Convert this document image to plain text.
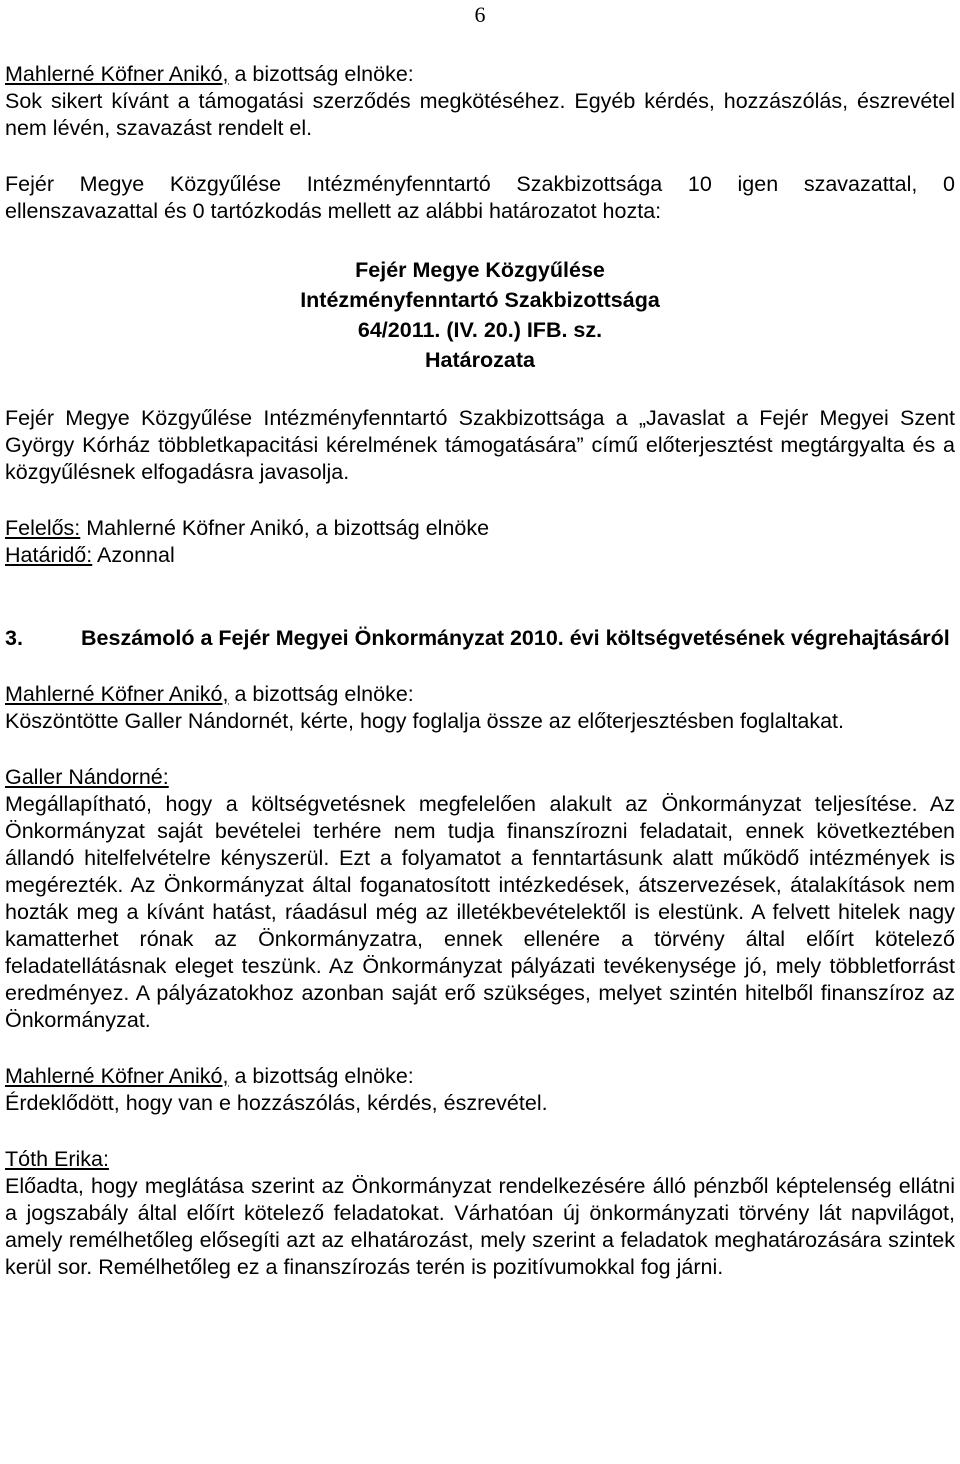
6

Mahlerné Köfner Anikó, a bizottság elnöke:

Sok sikert kívánt a támogatási szerződés megkötéséhez. Egyéb kérdés, hozzászólás, észrevétel nem lévén, szavazást rendelt el.

Fejér Megye Közgyűlése Intézményfenntartó Szakbizottsága 10 igen szavazattal, 0 ellenszavazattal és 0 tartózkodás mellett az alábbi határozatot hozta:

Fejér Megye Közgyűlése

Intézményfenntartó Szakbizottsága

64/2011. (IV. 20.) IFB. sz.

Határozata

Fejér Megye Közgyűlése Intézményfenntartó Szakbizottsága a „Javaslat a Fejér Megyei Szent György Kórház többletkapacitási kérelmének támogatására” című előterjesztést megtárgyalta és a közgyűlésnek elfogadásra javasolja.

Felelős: Mahlerné Köfner Anikó, a bizottság elnöke

Határidő: Azonnal

3.	Beszámoló a Fejér Megyei Önkormányzat 2010. évi költségvetésének végrehajtásáról

Mahlerné Köfner Anikó, a bizottság elnöke:

Köszöntötte Galler Nándornét, kérte, hogy foglalja össze az előterjesztésben foglaltakat.

Galler Nándorné:

Megállapítható, hogy a költségvetésnek megfelelően alakult az Önkormányzat teljesítése. Az Önkormányzat saját bevételei terhére nem tudja finanszírozni feladatait, ennek következtében állandó hitelfelvételre kényszerül. Ezt a folyamatot a fenntartásunk alatt működő intézmények is megérezték. Az Önkormányzat által foganatosított intézkedések, átszervezések, átalakítások nem hozták meg a kívánt hatást, ráadásul még az illetékbevételektől is elestünk. A felvett hitelek nagy kamatterhet rónak az Önkormányzatra, ennek ellenére a törvény által előírt kötelező feladatellátásnak eleget teszünk. Az Önkormányzat pályázati tevékenysége jó, mely többletforrást eredményez. A pályázatokhoz azonban saját erő szükséges, melyet szintén hitelből finanszíroz az Önkormányzat.

Mahlerné Köfner Anikó, a bizottság elnöke:

Érdeklődött, hogy van e hozzászólás, kérdés, észrevétel.

Tóth Erika:

Előadta, hogy meglátása szerint az Önkormányzat rendelkezésére álló pénzből képtelenség ellátni a jogszabály által előírt kötelező feladatokat. Várhatóan új önkormányzati törvény lát napvilágot, amely remélhetőleg elősegíti azt az elhatározást, mely szerint a feladatok meghatározására szintek kerül sor. Remélhetőleg ez a finanszírozás terén is pozitívumokkal fog járni.
